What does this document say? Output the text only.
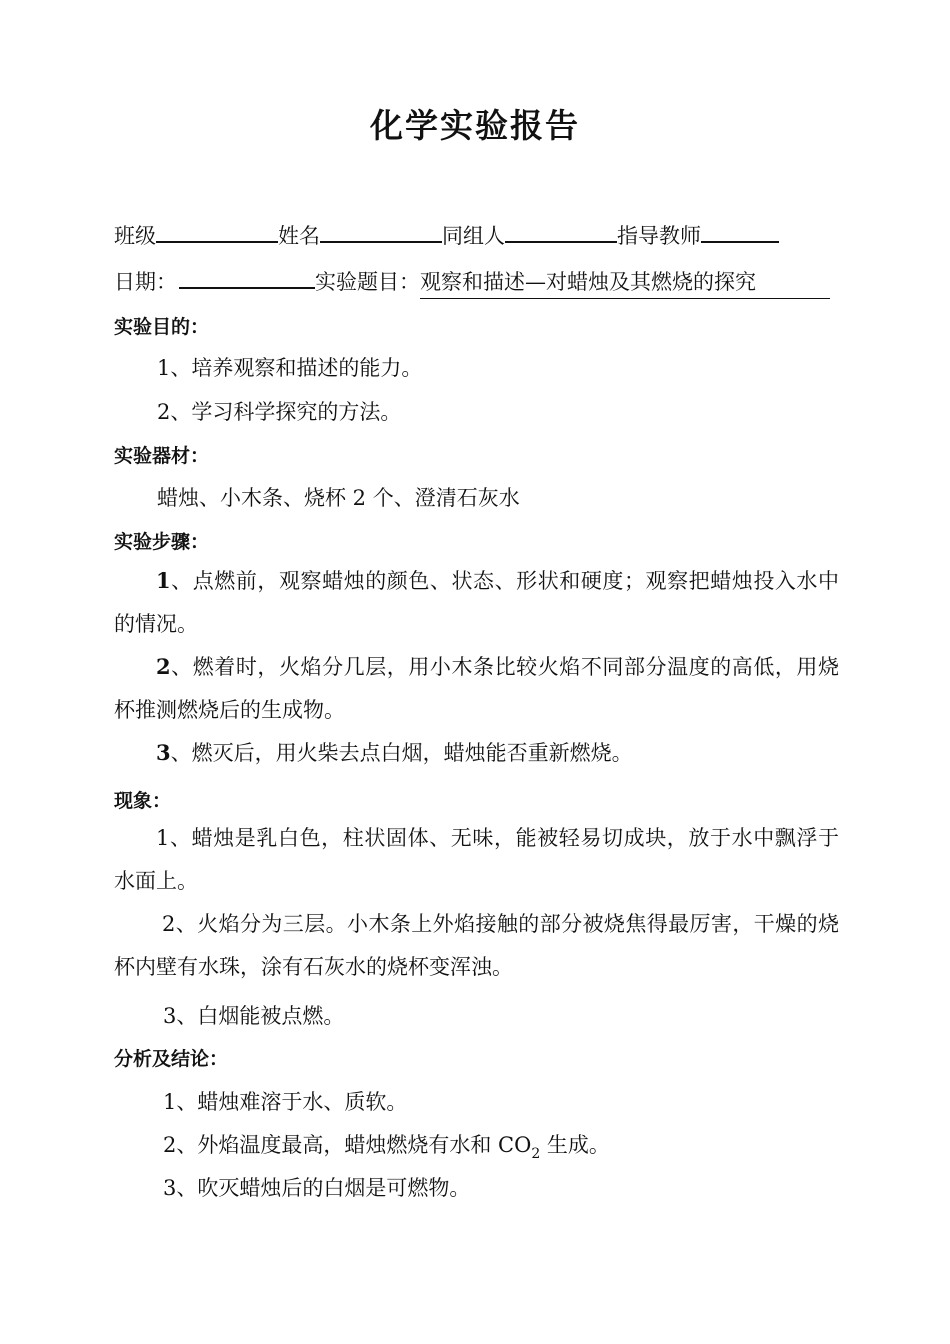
化学实验报告
班级	姓名	同组人	指导教师
日期：	实验题目：观察和描述—对蜡烛及其燃烧的探究
实验目的：
1、培养观察和描述的能力。
2、学习科学探究的方法。
实验器材：
蜡烛、小木条、烧杯 2 个、澄清石灰水
实验步骤：
1、点燃前，观察蜡烛的颜色、状态、形状和硬度；观察把蜡烛投入水中的情况。
2、燃着时，火焰分几层，用小木条比较火焰不同部分温度的高低，用烧杯推测燃烧后的生成物。
3、燃灭后，用火柴去点白烟，蜡烛能否重新燃烧。
现象：
1、蜡烛是乳白色，柱状固体、无味，能被轻易切成块，放于水中飘浮于水面上。
2、火焰分为三层。小木条上外焰接触的部分被烧焦得最厉害，干燥的烧杯内壁有水珠，涂有石灰水的烧杯变浑浊。
3、白烟能被点燃。
分析及结论：
1、蜡烛难溶于水、质软。
2、外焰温度最高，蜡烛燃烧有水和 $CO_2$ 生成。
3、吹灭蜡烛后的白烟是可燃物。
